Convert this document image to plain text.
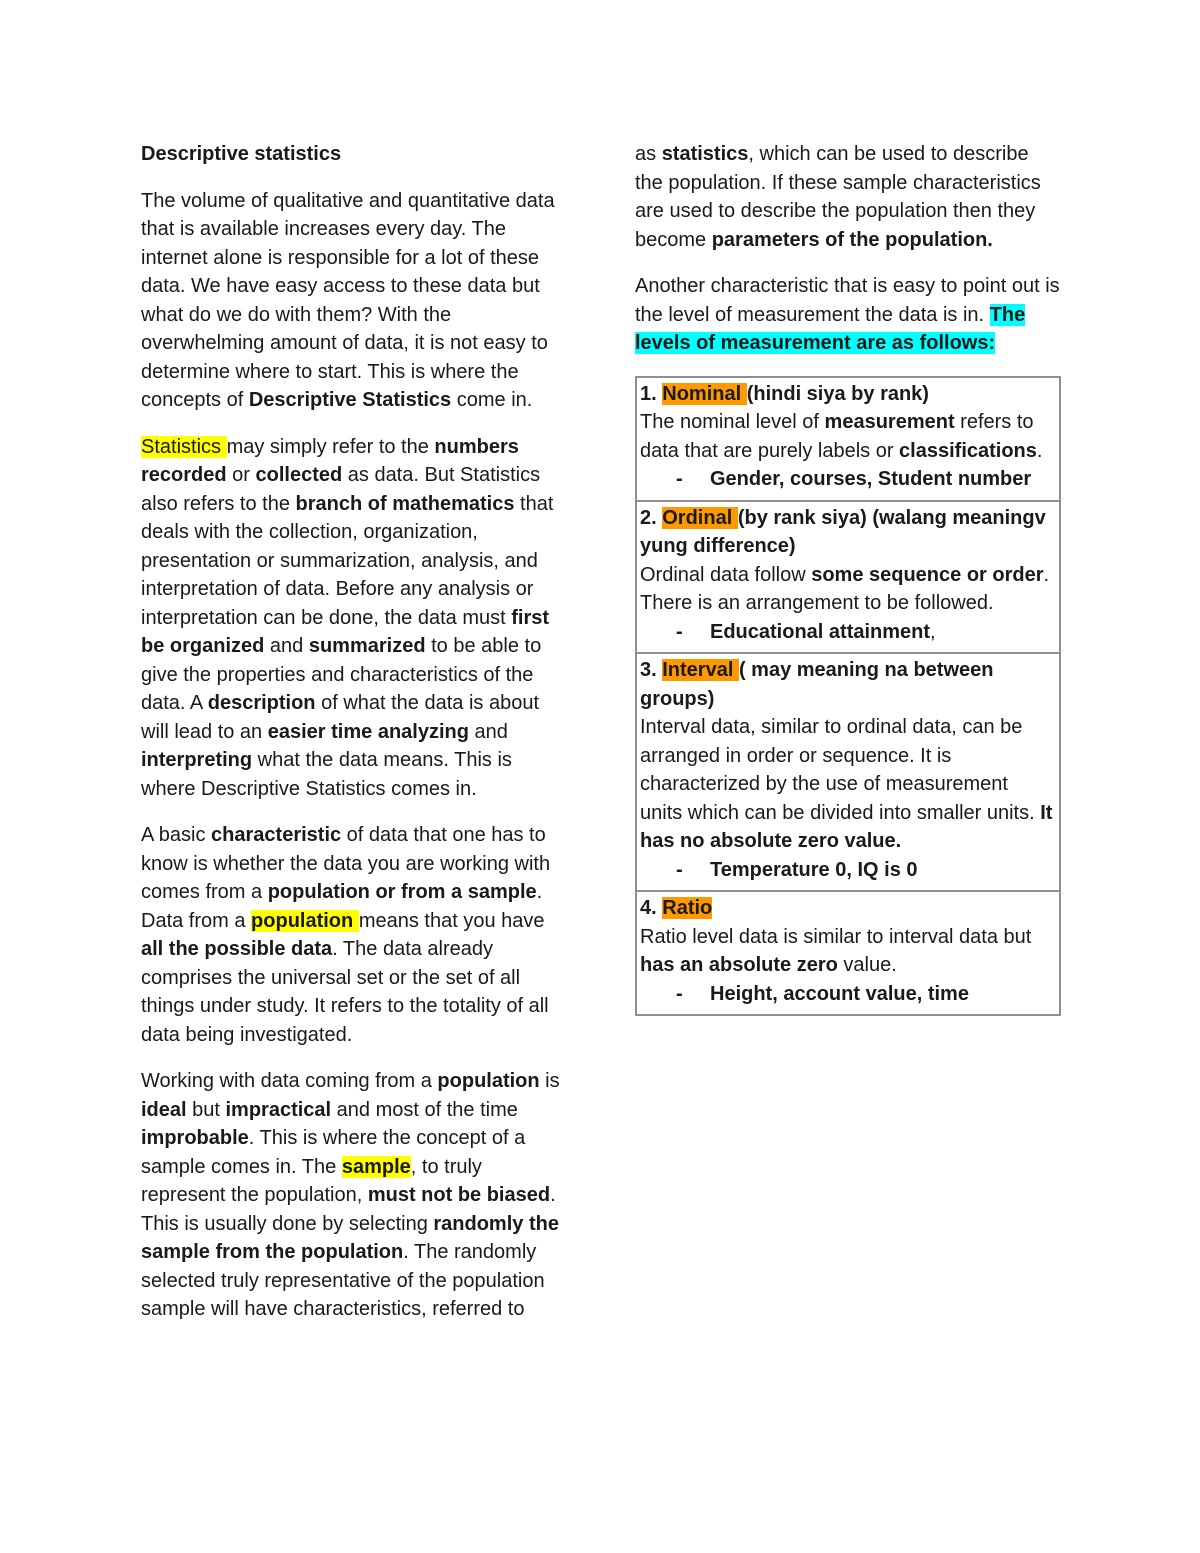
Descriptive statistics

The volume of qualitative and quantitative data that is available increases every day. The internet alone is responsible for a lot of these data. We have easy access to these data but what do we do with them? With the overwhelming amount of data, it is not easy to determine where to start. This is where the concepts of Descriptive Statistics come in.

Statistics may simply refer to the numbers recorded or collected as data. But Statistics also refers to the branch of mathematics that deals with the collection, organization, presentation or summarization, analysis, and interpretation of data. Before any analysis or interpretation can be done, the data must first be organized and summarized to be able to give the properties and characteristics of the data. A description of what the data is about will lead to an easier time analyzing and interpreting what the data means. This is where Descriptive Statistics comes in.

A basic characteristic of data that one has to know is whether the data you are working with comes from a population or from a sample. Data from a population means that you have all the possible data. The data already comprises the universal set or the set of all things under study. It refers to the totality of all data being investigated.

Working with data coming from a population is ideal but impractical and most of the time improbable. This is where the concept of a sample comes in. The sample, to truly represent the population, must not be biased. This is usually done by selecting randomly the sample from the population. The randomly selected truly representative of the population sample will have characteristics, referred to

as statistics, which can be used to describe the population. If these sample characteristics are used to describe the population then they become parameters of the population.

Another characteristic that is easy to point out is the level of measurement the data is in. The levels of measurement are as follows:

1. Nominal (hindi siya by rank)
The nominal level of measurement refers to data that are purely labels or classifications.
-	Gender, courses, Student number

2. Ordinal (by rank siya) (walang meaningv yung difference)
Ordinal data follow some sequence or order. There is an arrangement to be followed.
-	Educational attainment,

3. Interval ( may meaning na between groups)
Interval data, similar to ordinal data, can be arranged in order or sequence. It is characterized by the use of measurement units which can be divided into smaller units. It has no absolute zero value.
-	Temperature 0, IQ is 0

4. Ratio
Ratio level data is similar to interval data but has an absolute zero value.
-	Height, account value, time
